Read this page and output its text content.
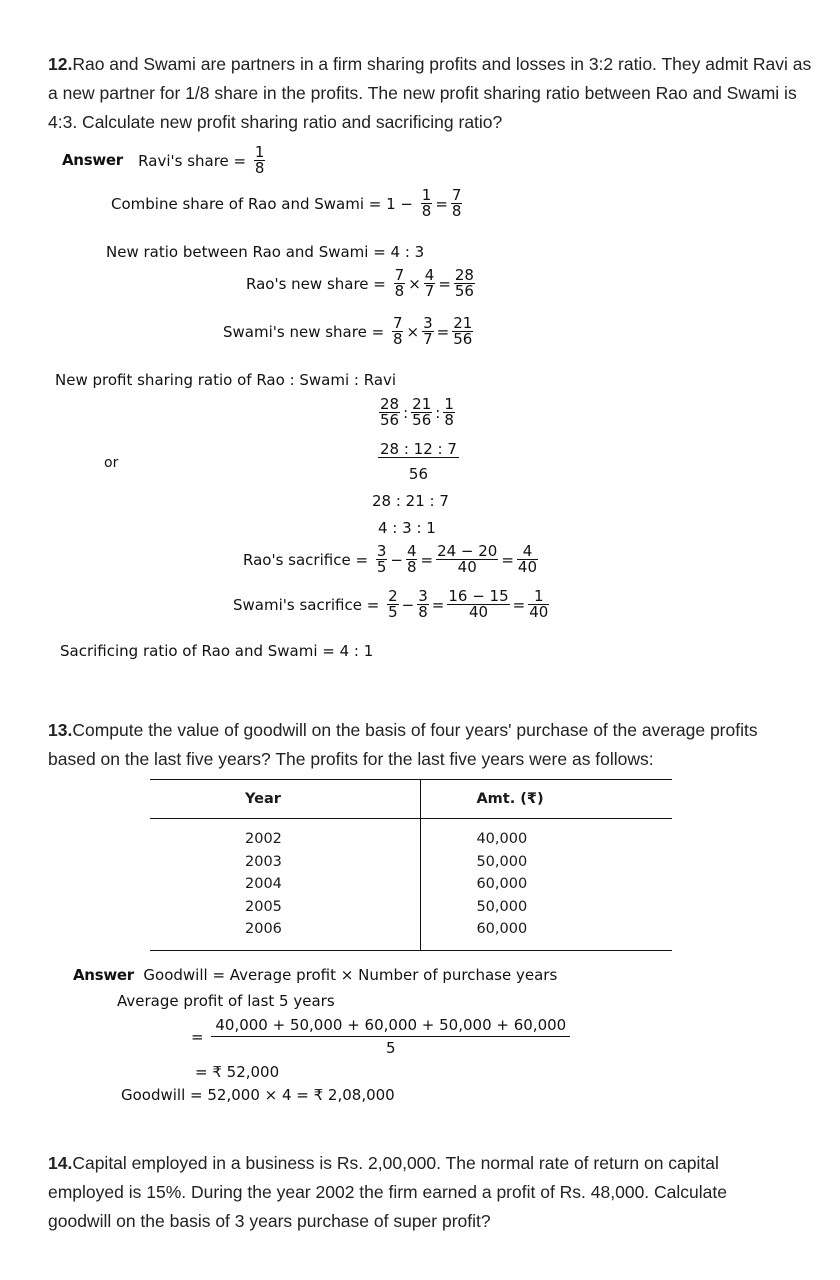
12.Rao and Swami are partners in a firm sharing profits and losses in 3:2 ratio. They admit Ravi as a new partner for 1/8 share in the profits. The new profit sharing ratio between Rao and Swami is 4:3. Calculate new profit sharing ratio and sacrificing ratio?
Answer Ravi's share = $\frac{1}{8}$
Combine share of Rao and Swami = $1 - \frac{1}{8} = \frac{7}{8}$
New ratio between Rao and Swami = 4 : 3
Rao's new share = $\frac{7}{8} \times \frac{4}{7} = \frac{28}{56}$
Swami's new share = $\frac{7}{8} \times \frac{3}{7} = \frac{21}{56}$
New profit sharing ratio of Rao : Swami : Ravi
$\frac{28}{56}$ : $\frac{21}{56}$ : $\frac{1}{8}$
or	$\frac{28 : 12 : 7}{56}$
28 : 21 : 7
4 : 3 : 1
Rao's sacrifice = $\frac{3}{5} - \frac{4}{8} = \frac{24 - 20}{40} = \frac{4}{40}$
Swami's sacrifice = $\frac{2}{5} - \frac{3}{8} = \frac{16 - 15}{40} = \frac{1}{40}$
Sacrificing ratio of Rao and Swami = 4 : 1
13.Compute the value of goodwill on the basis of four years' purchase of the average profits based on the last five years? The profits for the last five years were as follows:
Year	Amt. (₹)
2002	40,000
2003	50,000
2004	60,000
2005	50,000
2006	60,000
Answer Goodwill = Average profit × Number of purchase years
Average profit of last 5 years
= $\frac{40,000 + 50,000 + 60,000 + 50,000 + 60,000}{5}$
= ₹ 52,000
Goodwill = 52,000 × 4 = ₹ 2,08,000
14.Capital employed in a business is Rs. 2,00,000. The normal rate of return on capital employed is 15%. During the year 2002 the firm earned a profit of Rs. 48,000. Calculate goodwill on the basis of 3 years purchase of super profit?
